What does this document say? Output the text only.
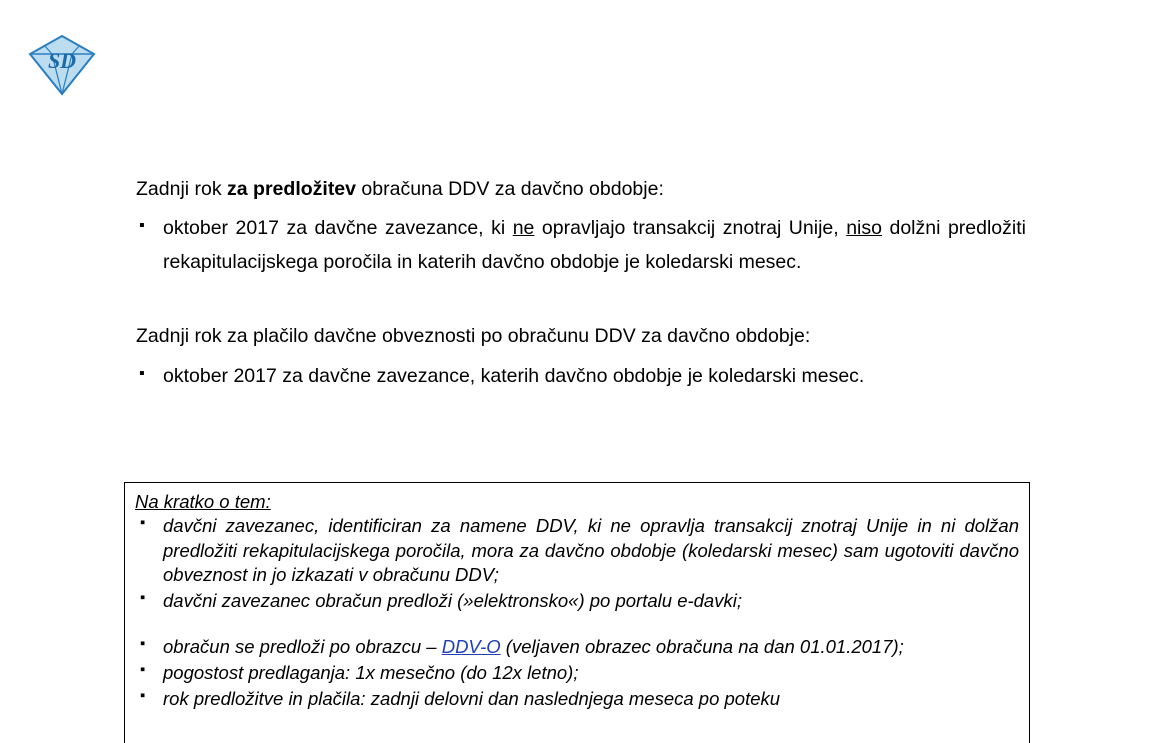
SD

Zadnji rok za predložitev obračuna DDV za davčno obdobje:

▪ oktober 2017 za davčne zavezance, ki ne opravljajo transakcij znotraj Unije, niso dolžni predložiti rekapitulacijskega poročila in katerih davčno obdobje je koledarski mesec.

Zadnji rok za plačilo davčne obveznosti po obračunu DDV za davčno obdobje:

▪ oktober 2017 za davčne zavezance, katerih davčno obdobje je koledarski mesec.
Na kratko o tem:
▪ davčni zavezanec, identificiran za namene DDV, ki ne opravlja transakcij znotraj Unije in ni dolžan predložiti rekapitulacijskega poročila, mora za davčno obdobje (koledarski mesec) sam ugotoviti davčno obveznost in jo izkazati v obračunu DDV;
▪ davčni zavezanec obračun predloži (»elektronsko«) po portalu e-davki;
▪ obračun se predloži po obrazcu – DDV-O (veljaven obrazec obračuna na dan 01.01.2017);
▪ pogostost predlaganja: 1x mesečno (do 12x letno);
▪ rok predložitve in plačila: zadnji delovni dan naslednjega meseca po poteku
